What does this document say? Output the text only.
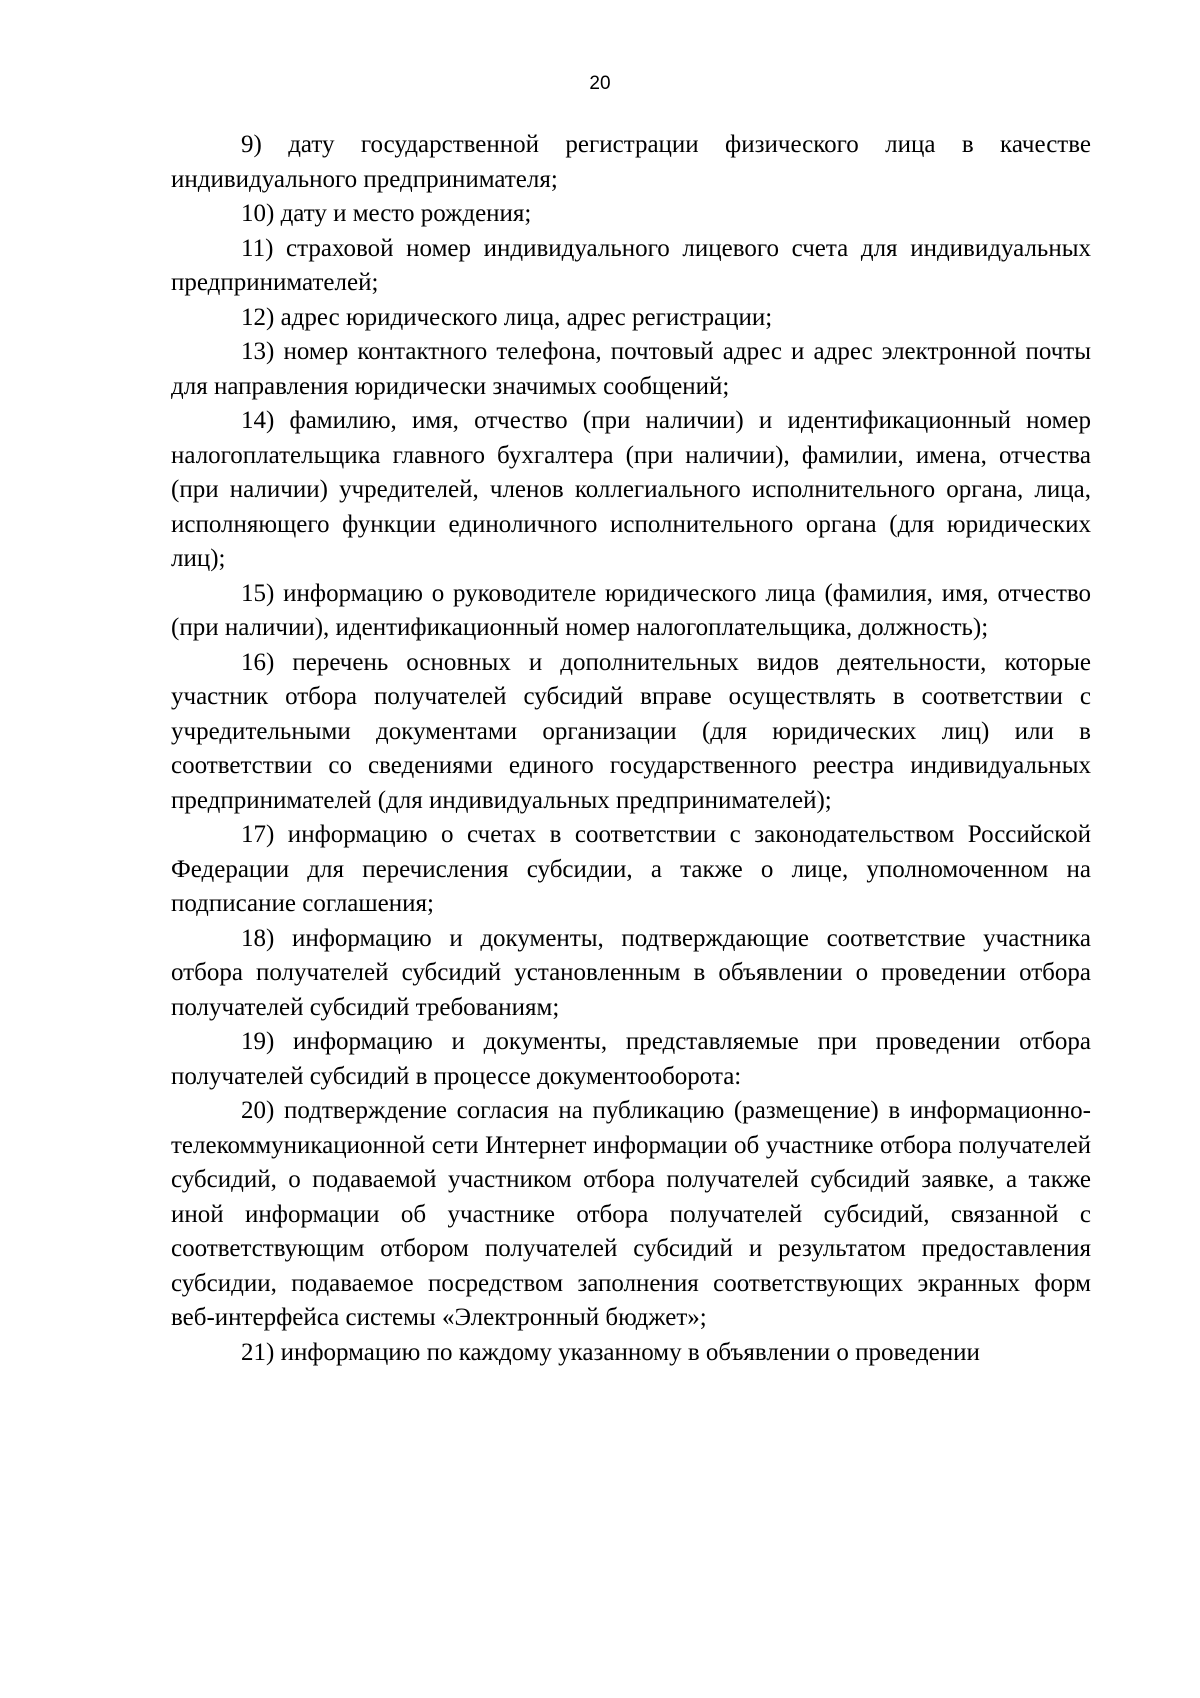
20

9) дату государственной регистрации физического лица в качестве индивидуального предпринимателя;

10) дату и место рождения;

11) страховой номер индивидуального лицевого счета для индивидуальных предпринимателей;

12) адрес юридического лица, адрес регистрации;

13) номер контактного телефона, почтовый адрес и адрес электронной почты для направления юридически значимых сообщений;

14) фамилию, имя, отчество (при наличии) и идентификационный номер налогоплательщика главного бухгалтера (при наличии), фамилии, имена, отчества (при наличии) учредителей, членов коллегиального исполнительного органа, лица, исполняющего функции единоличного исполнительного органа (для юридических лиц);

15) информацию о руководителе юридического лица (фамилия, имя, отчество (при наличии), идентификационный номер налогоплательщика, должность);

16) перечень основных и дополнительных видов деятельности, которые участник отбора получателей субсидий вправе осуществлять в соответствии с учредительными документами организации (для юридических лиц) или в соответствии со сведениями единого государственного реестра индивидуальных предпринимателей (для индивидуальных предпринимателей);

17) информацию о счетах в соответствии с законодательством Российской Федерации для перечисления субсидии, а также о лице, уполномоченном на подписание соглашения;

18) информацию и документы, подтверждающие соответствие участника отбора получателей субсидий установленным в объявлении о проведении отбора получателей субсидий требованиям;

19) информацию и документы, представляемые при проведении отбора получателей субсидий в процессе документооборота:

20) подтверждение согласия на публикацию (размещение) в информационно-телекоммуникационной сети Интернет информации об участнике отбора получателей субсидий, о подаваемой участником отбора получателей субсидий заявке, а также иной информации об участнике отбора получателей субсидий, связанной с соответствующим отбором получателей субсидий и результатом предоставления субсидии, подаваемое посредством заполнения соответствующих экранных форм веб-интерфейса системы «Электронный бюджет»;

21) информацию по каждому указанному в объявлении о проведении
